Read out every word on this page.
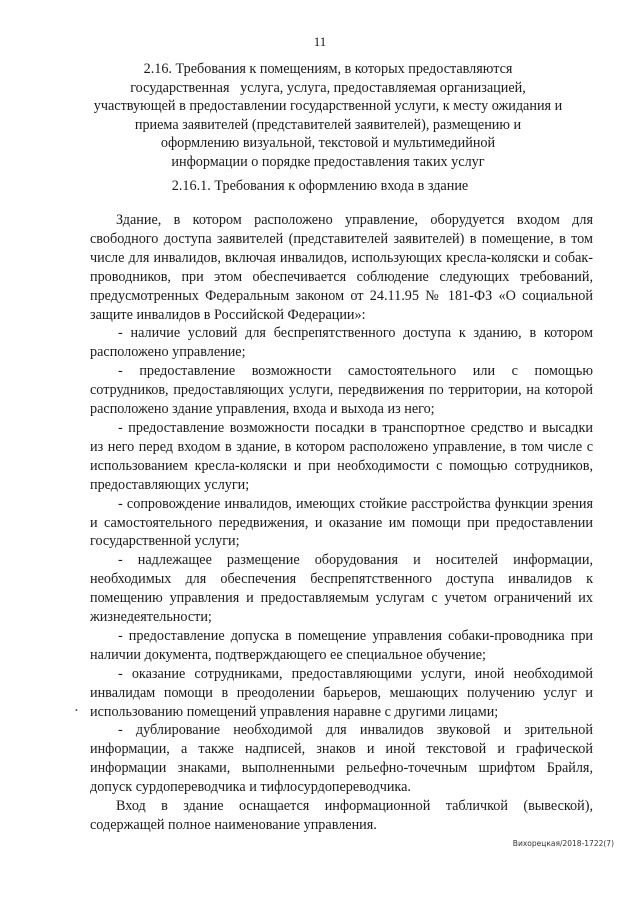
11
2.16. Требования к помещениям, в которых предоставляются
государственная   услуга, услуга, предоставляемая организацией,
участвующей в предоставлении государственной услуги, к месту ожидания и
приема заявителей (представителей заявителей), размещению и
оформлению визуальной, текстовой и мультимедийной
информации о порядке предоставления таких услуг
2.16.1. Требования к оформлению входа в здание

Здание, в котором расположено управление, оборудуется входом для свободного доступа заявителей (представителей заявителей) в помещение, в том числе для инвалидов, включая инвалидов, использующих кресла-коляски и собак-проводников, при этом обеспечивается соблюдение следующих требований, предусмотренных Федеральным законом от 24.11.95 № 181-ФЗ «О социальной защите инвалидов в Российской Федерации»:

- наличие условий для беспрепятственного доступа к зданию, в котором расположено управление;

- предоставление возможности самостоятельного или с помощью сотрудников, предоставляющих услуги, передвижения по территории, на которой расположено здание управления, входа и выхода из него;

- предоставление возможности посадки в транспортное средство и высадки из него перед входом в здание, в котором расположено управление, в том числе с использованием кресла-коляски и при необходимости с помощью сотрудников, предоставляющих услуги;

- сопровождение инвалидов, имеющих стойкие расстройства функции зрения и самостоятельного передвижения, и оказание им помощи при предоставлении государственной услуги;

- надлежащее размещение оборудования и носителей информации, необходимых для обеспечения беспрепятственного доступа инвалидов к помещению управления и предоставляемым услугам с учетом ограничений их жизнедеятельности;

- предоставление допуска в помещение управления собаки-проводника при наличии документа, подтверждающего ее специальное обучение;

- оказание сотрудниками, предоставляющими услуги, иной необходимой инвалидам помощи в преодолении барьеров, мешающих получению услуг и использованию помещений управления наравне с другими лицами;

- дублирование необходимой для инвалидов звуковой и зрительной информации, а также надписей, знаков и иной текстовой и графической информации знаками, выполненными рельефно-точечным шрифтом Брайля, допуск сурдопереводчика и тифлосурдопереводчика.

Вход в здание оснащается информационной табличкой (вывеской), содержащей полное наименование управления.

•
Вихорецкая/2018-1722(7)
